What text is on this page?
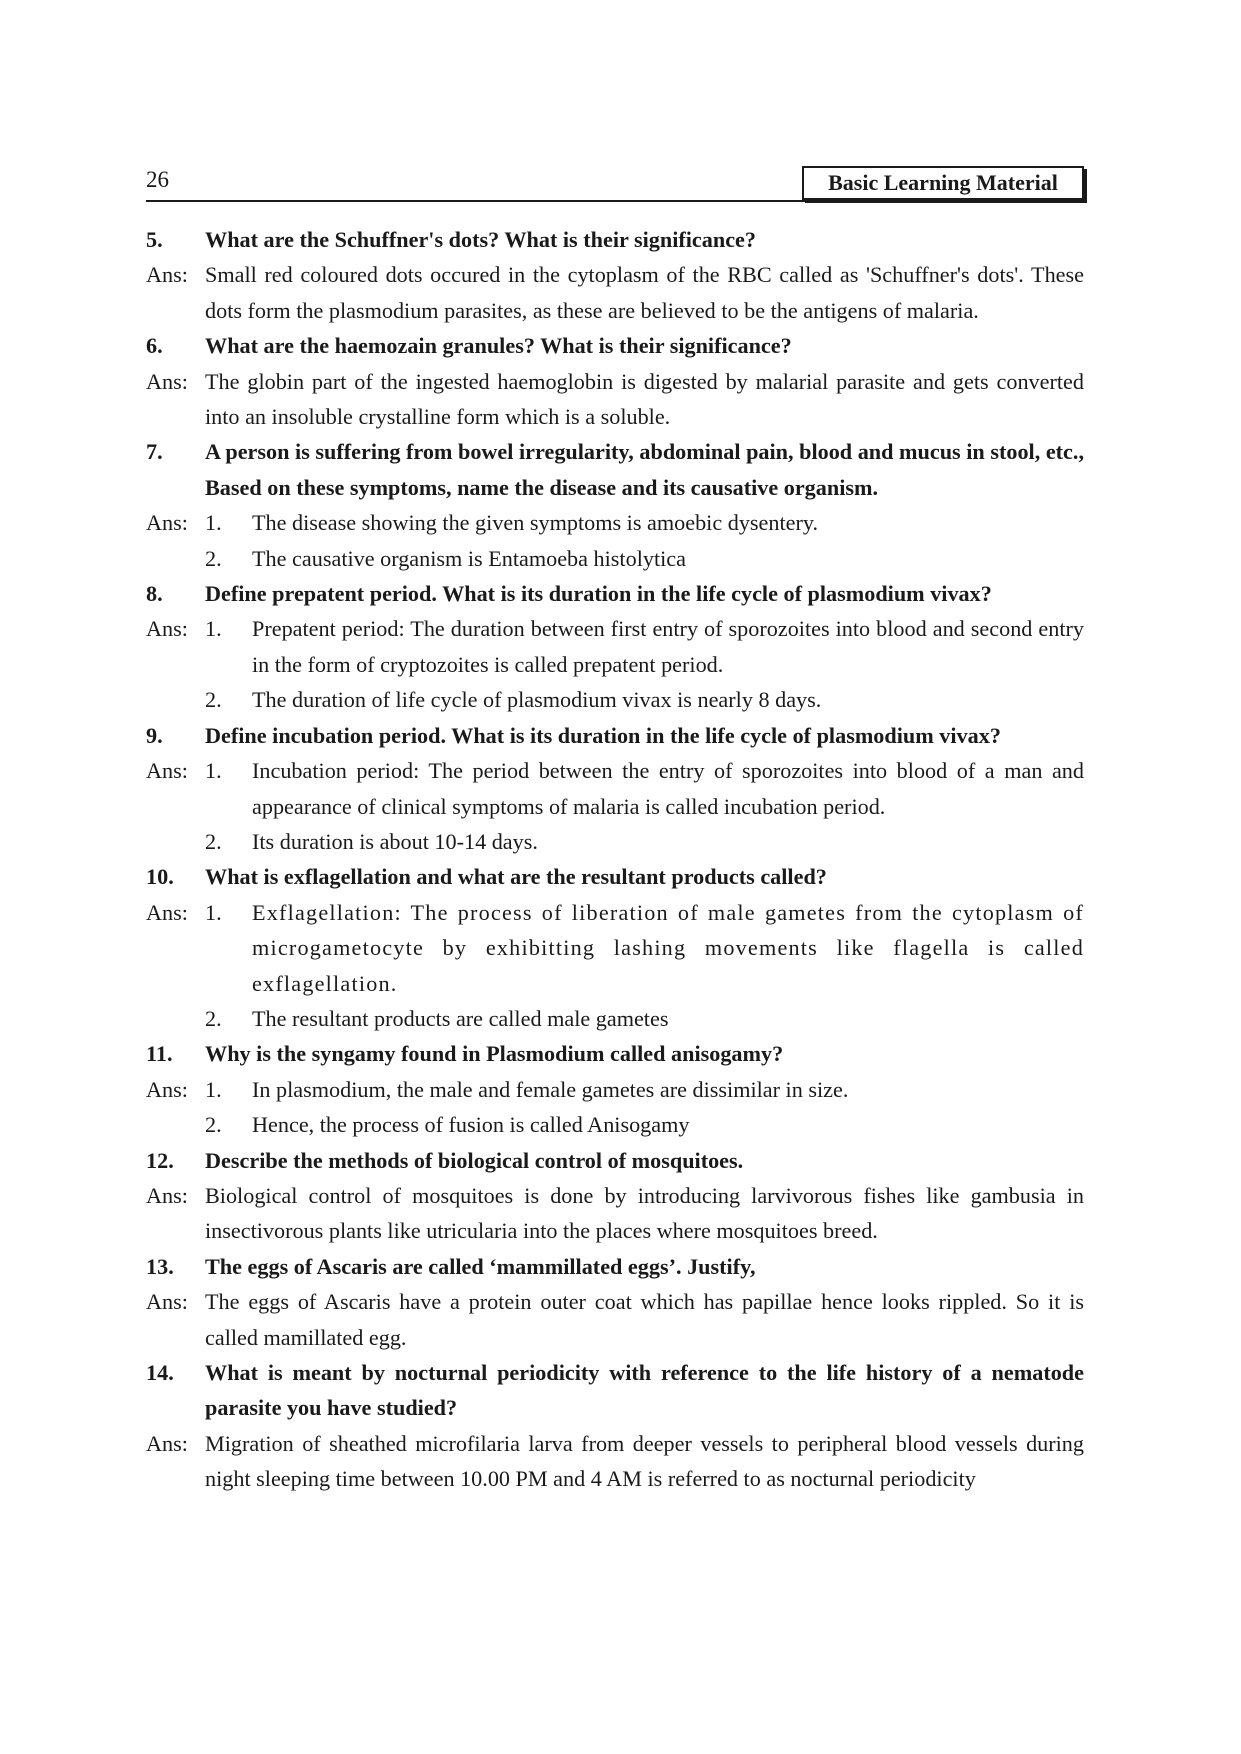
26	Basic Learning Material
5.	What are the Schuffner's dots? What is their significance?
Ans: Small red coloured dots occured in the cytoplasm of the RBC called as 'Schuffner's dots'. These dots form the plasmodium parasites, as these are believed to be the antigens of malaria.
6.	What are the haemozain granules? What is their significance?
Ans: The globin part of the ingested haemoglobin is digested by malarial parasite and gets converted into an insoluble crystalline form which is a soluble.
7.	A person is suffering from bowel irregularity, abdominal pain, blood and mucus in stool, etc., Based on these symptoms, name the disease and its causative organism.
Ans: 1.	The disease showing the given symptoms is amoebic dysentery.
2.	The causative organism is Entamoeba histolytica
8.	Define prepatent period. What is its duration in the life cycle of plasmodium vivax?
Ans: 1.	Prepatent period: The duration between first entry of sporozoites into blood and second entry in the form of cryptozoites is called prepatent period.
2.	The duration of life cycle of plasmodium vivax is nearly 8 days.
9.	Define incubation period. What is its duration in the life cycle of plasmodium vivax?
Ans: 1.	Incubation period: The period between the entry of sporozoites into blood of a man and appearance of clinical symptoms of malaria is called incubation period.
2.	Its duration is about 10-14 days.
10.	What is exflagellation and what are the resultant products called?
Ans: 1.	Exflagellation: The process of liberation of male gametes from the cytoplasm of microgametocyte by exhibitting lashing movements like flagella is called exflagellation.
2.	The resultant products are called male gametes
11.	Why is the syngamy found in Plasmodium called anisogamy?
Ans: 1.	In plasmodium, the male and female gametes are dissimilar in size.
2.	Hence, the process of fusion is called Anisogamy
12.	Describe the methods of biological control of mosquitoes.
Ans: Biological control of mosquitoes is done by introducing larvivorous fishes like gambusia in insectivorous plants like utricularia into the places where mosquitoes breed.
13.	The eggs of Ascaris are called ‘mammillated eggs’. Justify,
Ans: The eggs of Ascaris have a protein outer coat which has papillae hence looks rippled. So it is called mamillated egg.
14.	What is meant by nocturnal periodicity with reference to the life history of a nematode parasite you have studied?
Ans: Migration of sheathed microfilaria larva from deeper vessels to peripheral blood vessels during night sleeping time between 10.00 PM and 4 AM is referred to as nocturnal periodicity
